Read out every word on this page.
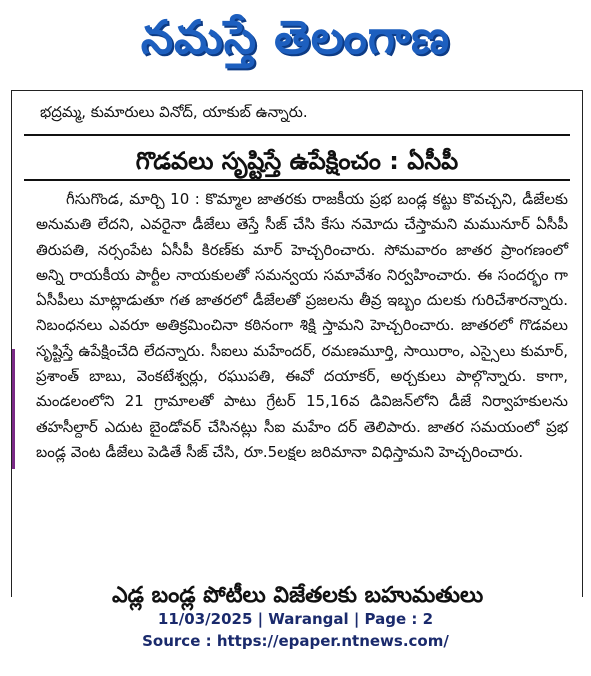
నమస్తే తెలంగాణ
భద్రమ్మ, కుమారులు వినోద్, యాకుబ్ ఉన్నారు.
గొడవలు సృష్టిస్తే ఉపేక్షించం : ఏసీపీ

గీసుగొండ, మార్చి 10 : కొమ్మాల జాతరకు రాజకీయ ప్రభ బండ్ల కట్టు కొవచ్చని, డీజేలకు అనుమతి లేదని, ఎవరైనా డీజేలు తెస్తే సీజ్ చేసి కేసు నమోదు చేస్తామని మమునూర్ ఏసీపీ తిరుపతి, నర్సంపేట ఏసీపీ కిరణ్‌కు మార్ హెచ్చరించారు. సోమవారం జాతర ప్రాంగణంలో అన్ని రాయకీయ పార్టీల నాయకులతో సమన్వయ సమావేశం నిర్వహించారు. ఈ సందర్భం గా ఏసీపీలు మాట్లాడుతూ గత జాతరలో డీజేలతో ప్రజలను తీవ్ర ఇబ్బం దులకు గురిచేశారన్నారు. నిబంధనలు ఎవరూ అతిక్రమించినా కఠినంగా శిక్షి స్తామని హెచ్చరించారు. జాతరలో గొడవలు సృష్టిస్తే ఉపేక్షించేది లేదన్నారు. సీఐలు మహేందర్, రమణమూర్తి, సాయిరాం, ఎస్సైలు కుమార్, ప్రశాంత్ బాబు, వెంకటేశ్వర్లు, రఘుపతి, ఈవో దయాకర్, అర్చకులు పాల్గొన్నారు. కాగా, మండలంలోని 21 గ్రామాలతో పాటు గ్రేటర్ 15,16వ డివిజన్‌లోని డీజే నిర్వాహకులను తహసీల్దార్ ఎదుట బైండోవర్ చేసినట్లు సీఐ మహేం దర్ తెలిపారు. జాతర సమయంలో ప్రభ బండ్ల వెంట డీజేలు పెడితే సీజ్ చేసి, రూ.5లక్షల జరిమానా విధిస్తామని హెచ్చరించారు.

ఎడ్ల బండ్ల పోటీలు విజేతలకు బహుమతులు
11/03/2025 | Warangal | Page : 2
Source : https://epaper.ntnews.com/
